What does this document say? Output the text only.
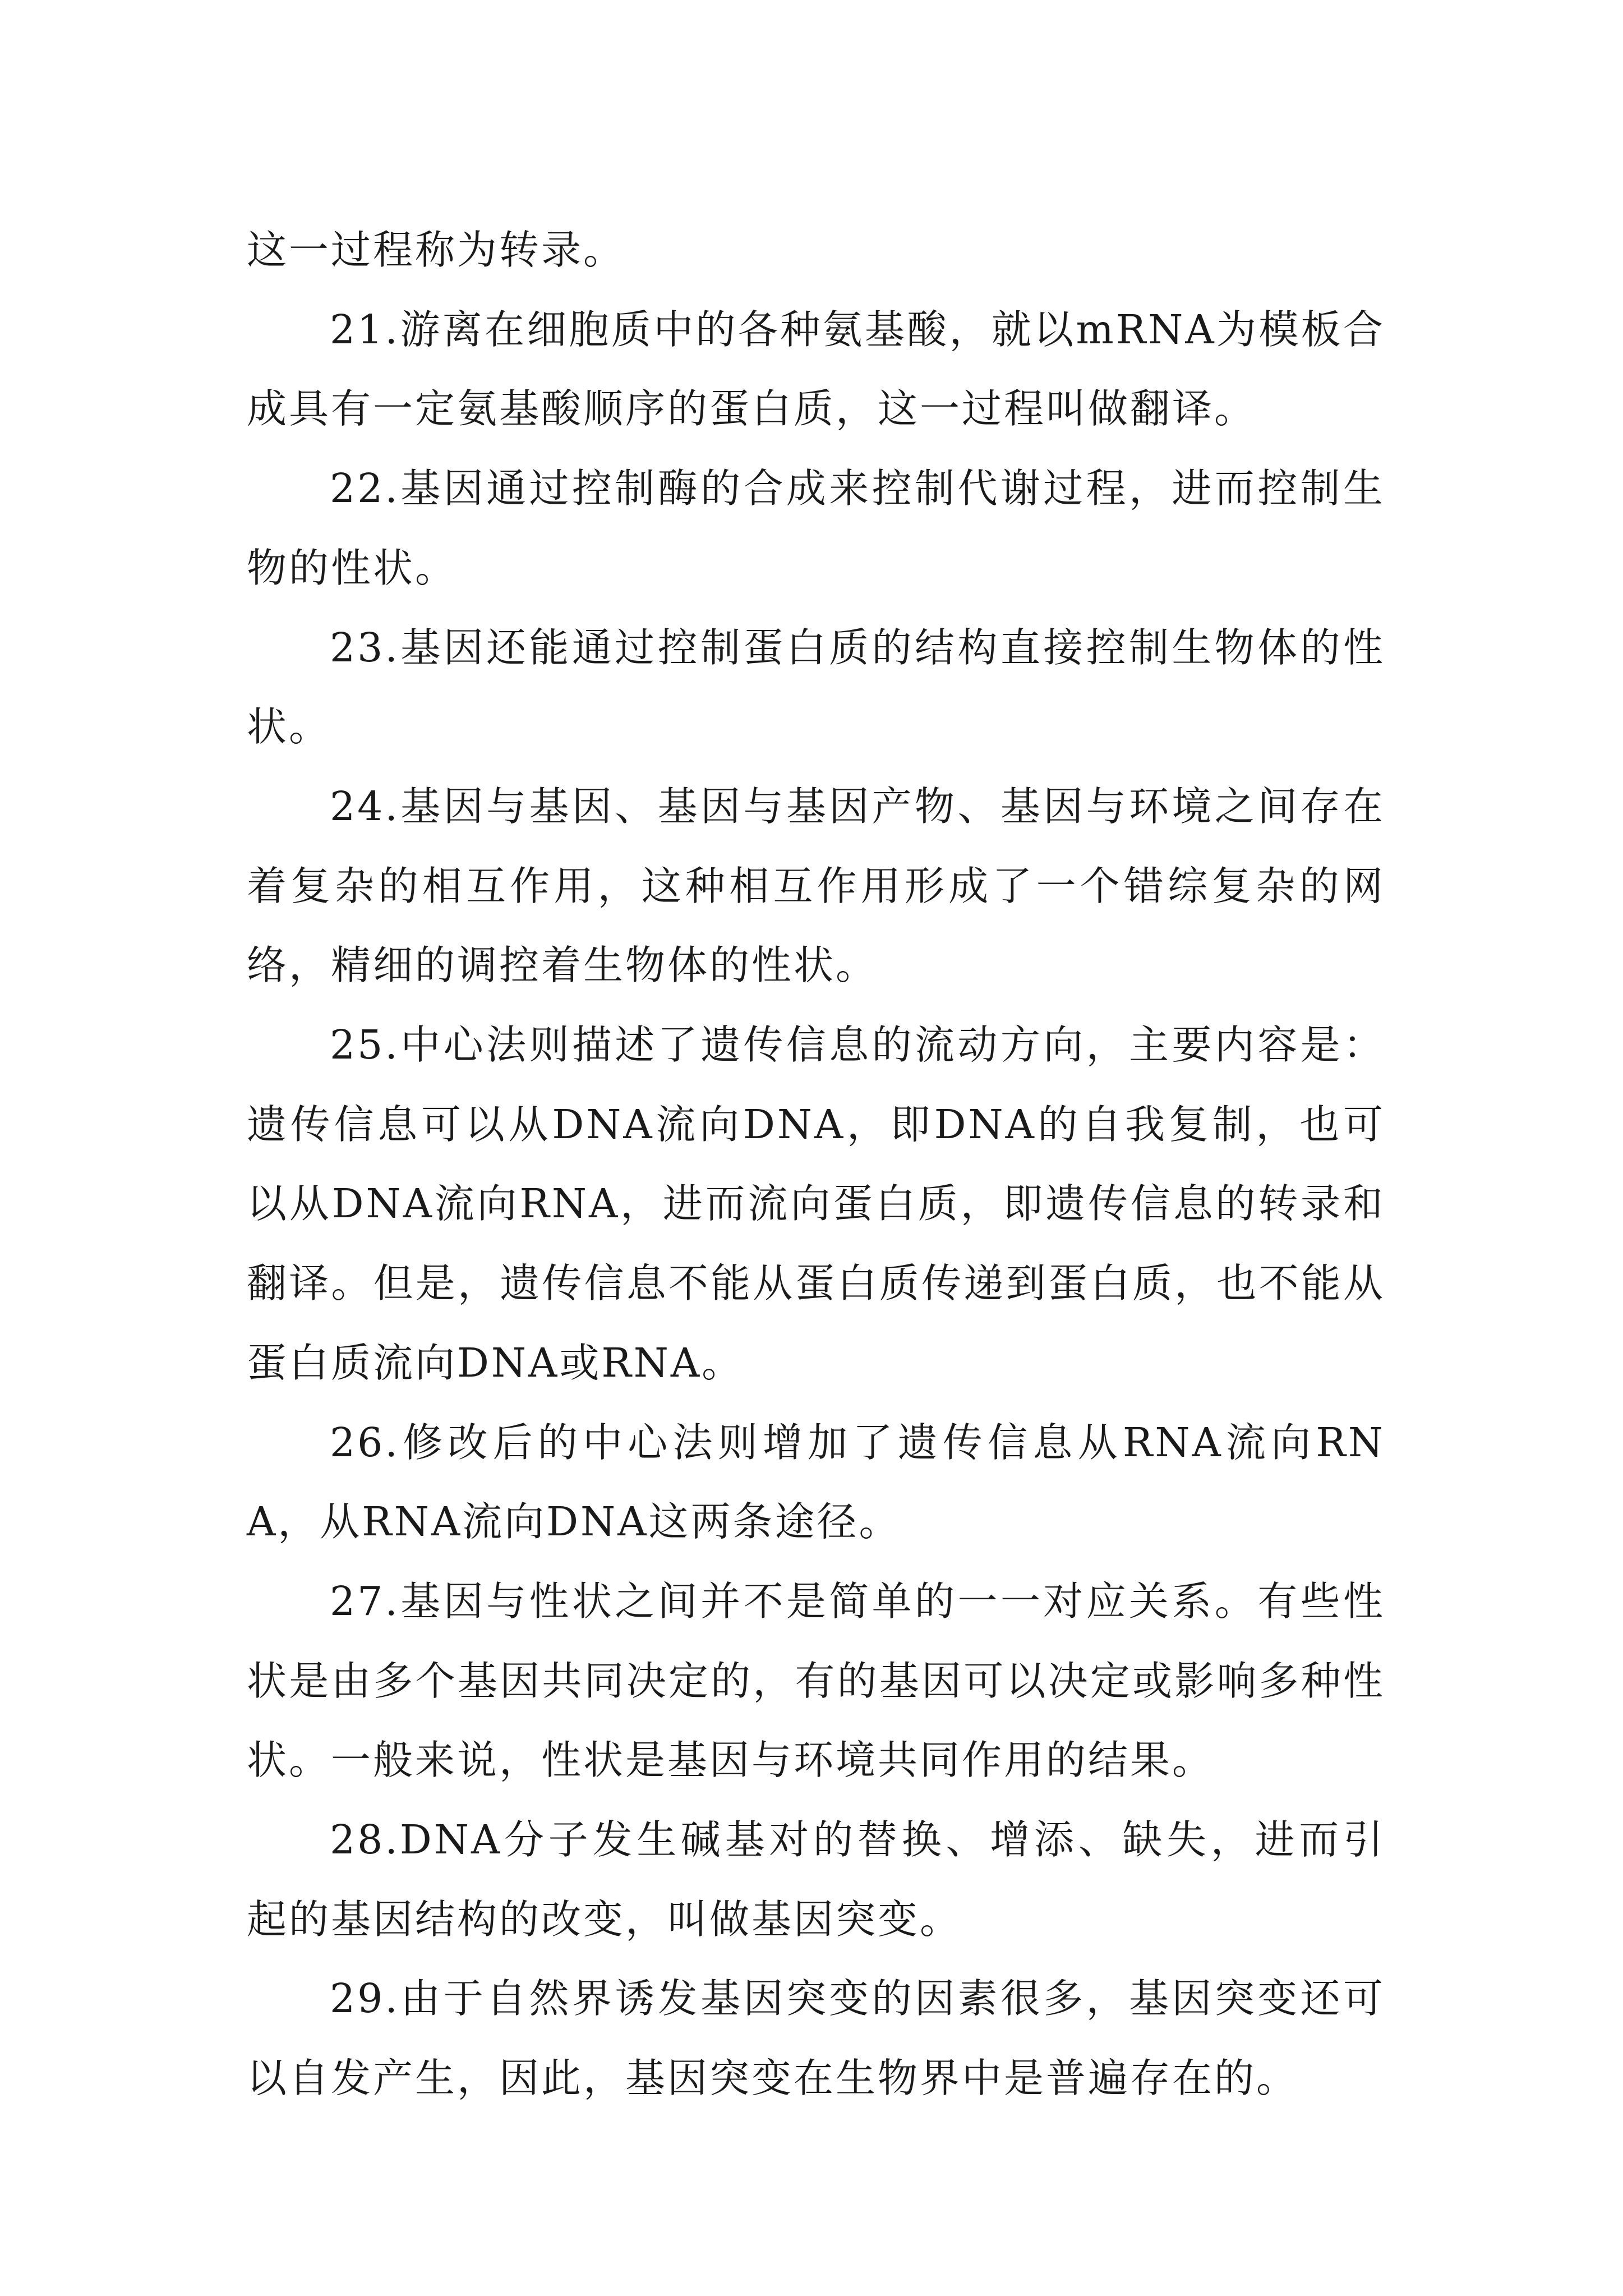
这一过程称为转录。

21.游离在细胞质中的各种氨基酸，就以mRNA为模板合成具有一定氨基酸顺序的蛋白质，这一过程叫做翻译。

22.基因通过控制酶的合成来控制代谢过程，进而控制生物的性状。

23.基因还能通过控制蛋白质的结构直接控制生物体的性状。

24.基因与基因、基因与基因产物、基因与环境之间存在着复杂的相互作用，这种相互作用形成了一个错综复杂的网络，精细的调控着生物体的性状。

25.中心法则描述了遗传信息的流动方向，主要内容是：遗传信息可以从DNA流向DNA，即DNA的自我复制，也可以从DNA流向RNA，进而流向蛋白质，即遗传信息的转录和翻译。但是，遗传信息不能从蛋白质传递到蛋白质，也不能从蛋白质流向DNA或RNA。

26.修改后的中心法则增加了遗传信息从RNA流向RNA，从RNA流向DNA这两条途径。

27.基因与性状之间并不是简单的一一对应关系。有些性状是由多个基因共同决定的，有的基因可以决定或影响多种性状。一般来说，性状是基因与环境共同作用的结果。

28.DNA分子发生碱基对的替换、增添、缺失，进而引起的基因结构的改变，叫做基因突变。

29.由于自然界诱发基因突变的因素很多，基因突变还可以自发产生，因此，基因突变在生物界中是普遍存在的。
